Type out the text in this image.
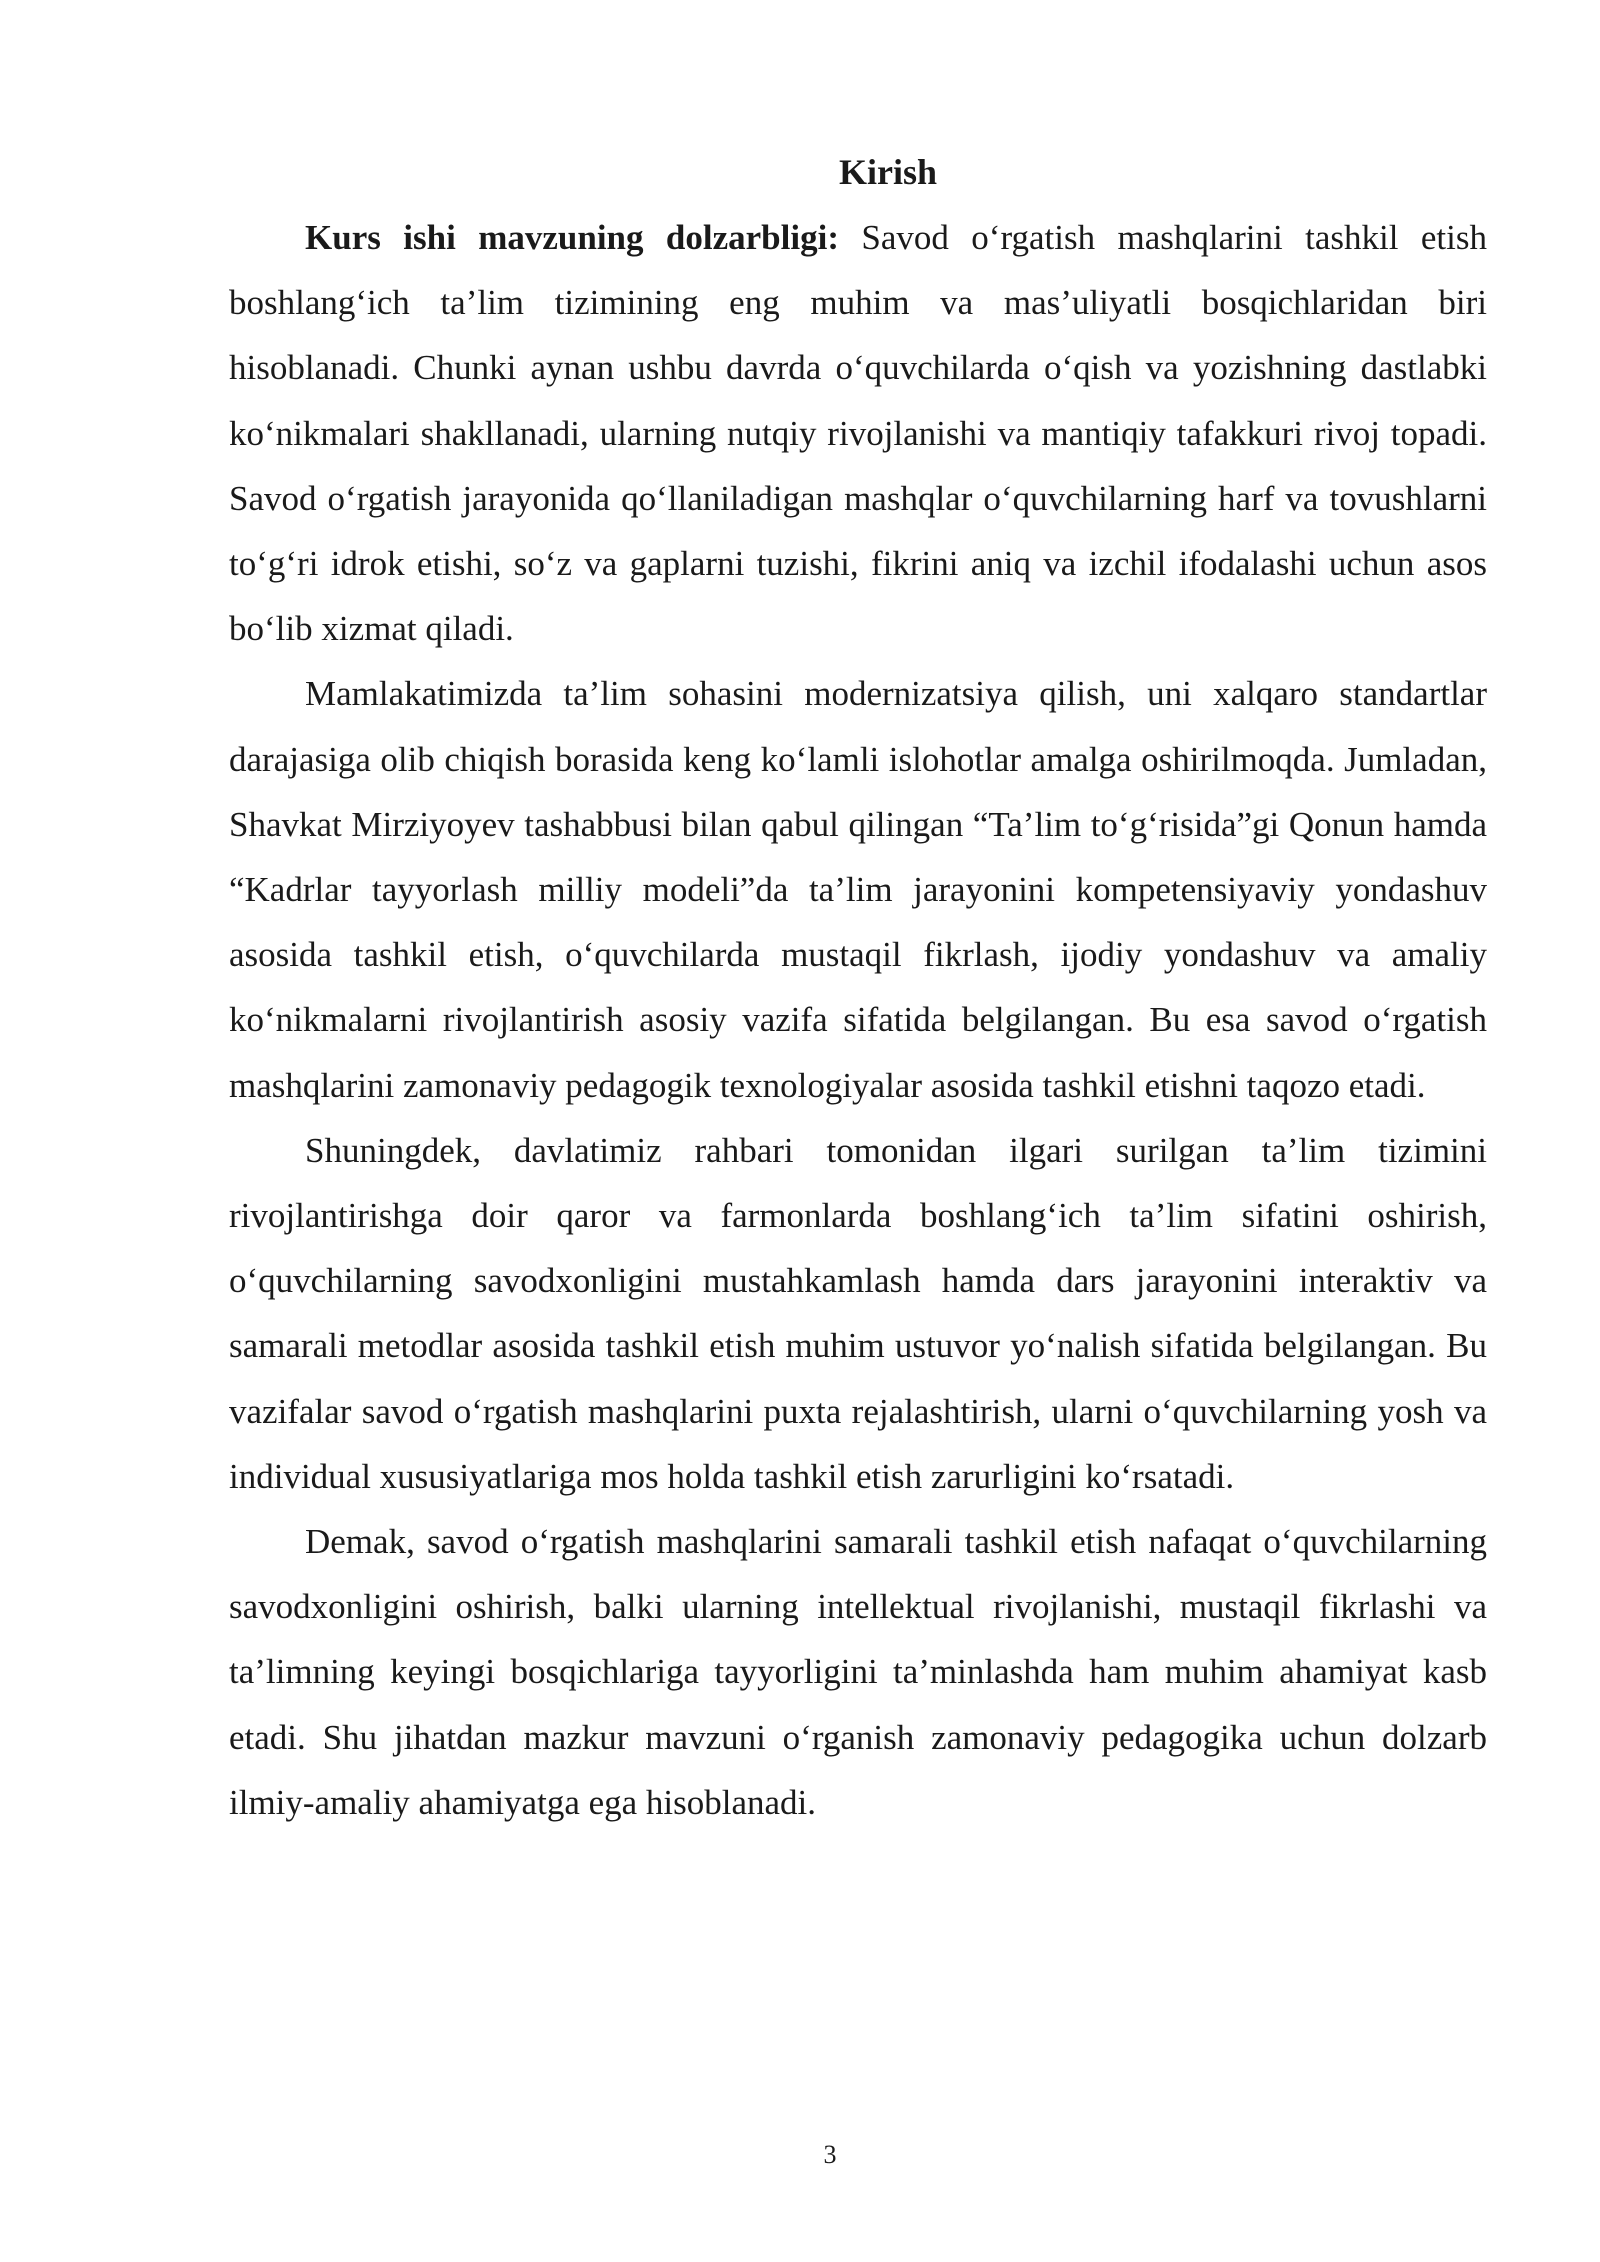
Kirish

Kurs ishi mavzuning dolzarbligi: Savod o‘rgatish mashqlarini tashkil etish boshlang‘ich ta’lim tizimining eng muhim va mas’uliyatli bosqichlaridan biri hisoblanadi. Chunki aynan ushbu davrda o‘quvchilarda o‘qish va yozishning dastlabki ko‘nikmalari shakllanadi, ularning nutqiy rivojlanishi va mantiqiy tafakkuri rivoj topadi. Savod o‘rgatish jarayonida qo‘llaniladigan mashqlar o‘quvchilarning harf va tovushlarni to‘g‘ri idrok etishi, so‘z va gaplarni tuzishi, fikrini aniq va izchil ifodalashi uchun asos bo‘lib xizmat qiladi.

Mamlakatimizda ta’lim sohasini modernizatsiya qilish, uni xalqaro standartlar darajasiga olib chiqish borasida keng ko‘lamli islohotlar amalga oshirilmoqda. Jumladan, Shavkat Mirziyoyev tashabbusi bilan qabul qilingan “Ta’lim to‘g‘risida”gi Qonun hamda “Kadrlar tayyorlash milliy modeli”da ta’lim jarayonini kompetensiyaviy yondashuv asosida tashkil etish, o‘quvchilarda mustaqil fikrlash, ijodiy yondashuv va amaliy ko‘nikmalarni rivojlantirish asosiy vazifa sifatida belgilangan. Bu esa savod o‘rgatish mashqlarini zamonaviy pedagogik texnologiyalar asosida tashkil etishni taqozo etadi.

Shuningdek, davlatimiz rahbari tomonidan ilgari surilgan ta’lim tizimini rivojlantirishga doir qaror va farmonlarda boshlang‘ich ta’lim sifatini oshirish, o‘quvchilarning savodxonligini mustahkamlash hamda dars jarayonini interaktiv va samarali metodlar asosida tashkil etish muhim ustuvor yo‘nalish sifatida belgilangan. Bu vazifalar savod o‘rgatish mashqlarini puxta rejalashtirish, ularni o‘quvchilarning yosh va individual xususiyatlariga mos holda tashkil etish zarurligini ko‘rsatadi.

Demak, savod o‘rgatish mashqlarini samarali tashkil etish nafaqat o‘quvchilarning savodxonligini oshirish, balki ularning intellektual rivojlanishi, mustaqil fikrlashi va ta’limning keyingi bosqichlariga tayyorligini ta’minlashda ham muhim ahamiyat kasb etadi. Shu jihatdan mazkur mavzuni o‘rganish zamonaviy pedagogika uchun dolzarb ilmiy-amaliy ahamiyatga ega hisoblanadi.

3
